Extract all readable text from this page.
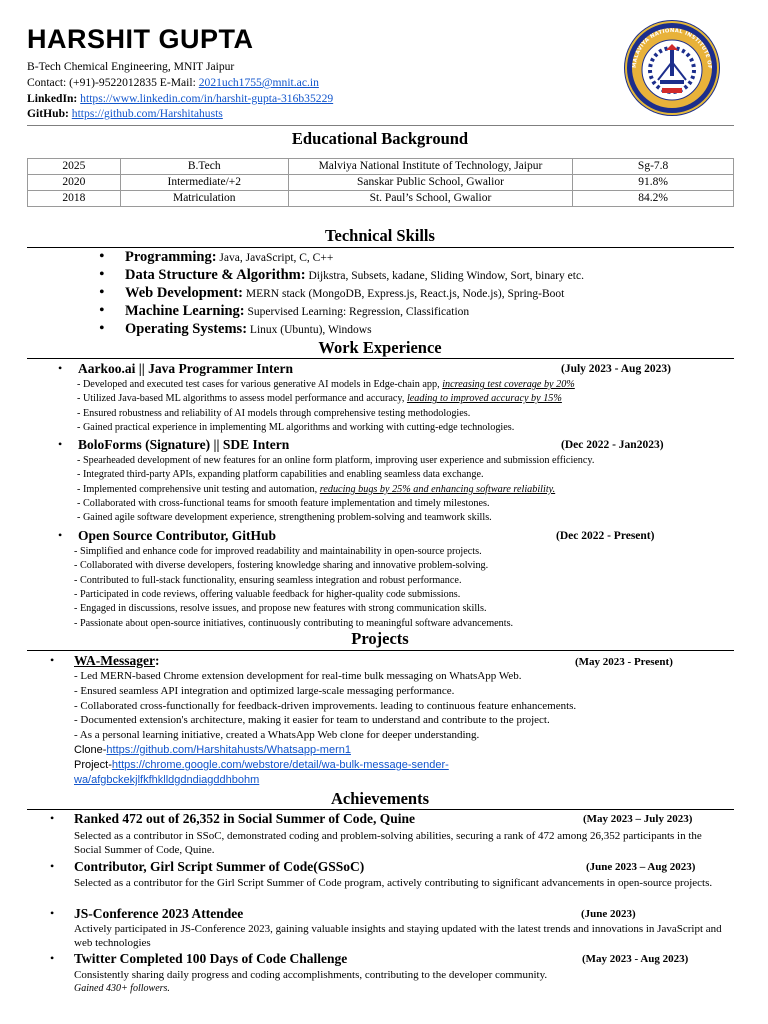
HARSHIT GUPTA
B-Tech Chemical Engineering, MNIT Jaipur
Contact: (+91)-9522012835 E-Mail: 2021uch1755@mnit.ac.in
LinkedIn: https://www.linkedin.com/in/harshit-gupta-316b35229
GitHub: https://github.com/Harshitahusts
MALAVIYA NATIONAL INSTITUTE OF
Educational Background
2025	B.Tech	Malviya National Institute of Technology, Jaipur	Sg-7.8
2020	Intermediate/+2	Sanskar Public School, Gwalior	91.8%
2018	Matriculation	St. Paul’s School, Gwalior	84.2%
Technical Skills
• Programming: Java, JavaScript, C, C++
• Data Structure & Algorithm: Dijkstra, Subsets, kadane, Sliding Window, Sort, binary etc.
• Web Development: MERN stack (MongoDB, Express.js, React.js, Node.js), Spring-Boot
• Machine Learning: Supervised Learning: Regression, Classification
• Operating Systems: Linux (Ubuntu), Windows
Work Experience
• Aarkoo.ai || Java Programmer Intern	(July 2023 - Aug 2023)
- Developed and executed test cases for various generative AI models in Edge-chain app, increasing test coverage by 20%
- Utilized Java-based ML algorithms to assess model performance and accuracy, leading to improved accuracy by 15%
- Ensured robustness and reliability of AI models through comprehensive testing methodologies.
- Gained practical experience in implementing ML algorithms and working with cutting-edge technologies.
• BoloForms (Signature) || SDE Intern	(Dec 2022 - Jan2023)
- Spearheaded development of new features for an online form platform, improving user experience and submission efficiency.
- Integrated third-party APIs, expanding platform capabilities and enabling seamless data exchange.
- Implemented comprehensive unit testing and automation, reducing bugs by 25% and enhancing software reliability.
- Collaborated with cross-functional teams for smooth feature implementation and timely milestones.
- Gained agile software development experience, strengthening problem-solving and teamwork skills.
• Open Source Contributor, GitHub	(Dec 2022 - Present)
- Simplified and enhance code for improved readability and maintainability in open-source projects.
- Collaborated with diverse developers, fostering knowledge sharing and innovative problem-solving.
- Contributed to full-stack functionality, ensuring seamless integration and robust performance.
- Participated in code reviews, offering valuable feedback for higher-quality code submissions.
- Engaged in discussions, resolve issues, and propose new features with strong communication skills.
- Passionate about open-source initiatives, continuously contributing to meaningful software advancements.
Projects
• WA-Messager:	(May 2023 - Present)
- Led MERN-based Chrome extension development for real-time bulk messaging on WhatsApp Web.
- Ensured seamless API integration and optimized large-scale messaging performance.
- Collaborated cross-functionally for feedback-driven improvements. leading to continuous feature enhancements.
- Documented extension's architecture, making it easier for team to understand and contribute to the project.
- As a personal learning initiative, created a WhatsApp Web clone for deeper understanding.
Clone-https://github.com/Harshitahusts/Whatsapp-mern1
Project-https://chrome.google.com/webstore/detail/wa-bulk-message-sender-
wa/afgbckekjlfkfhklldgdndiagddhbohm
Achievements
• Ranked 472 out of 26,352 in Social Summer of Code, Quine	(May 2023 – July 2023)
Selected as a contributor in SSoC, demonstrated coding and problem-solving abilities, securing a rank of 472 among 26,352 participants in the Social Summer of Code, Quine.
• Contributor, Girl Script Summer of Code(GSSoC)	(June 2023 – Aug 2023)
Selected as a contributor for the Girl Script Summer of Code program, actively contributing to significant advancements in open-source projects.
• JS-Conference 2023 Attendee	(June 2023)
Actively participated in JS-Conference 2023, gaining valuable insights and staying updated with the latest trends and innovations in JavaScript and web technologies
• Twitter Completed 100 Days of Code Challenge	(May 2023 - Aug 2023)
Consistently sharing daily progress and coding accomplishments, contributing to the developer community.
Gained 430+ followers.
